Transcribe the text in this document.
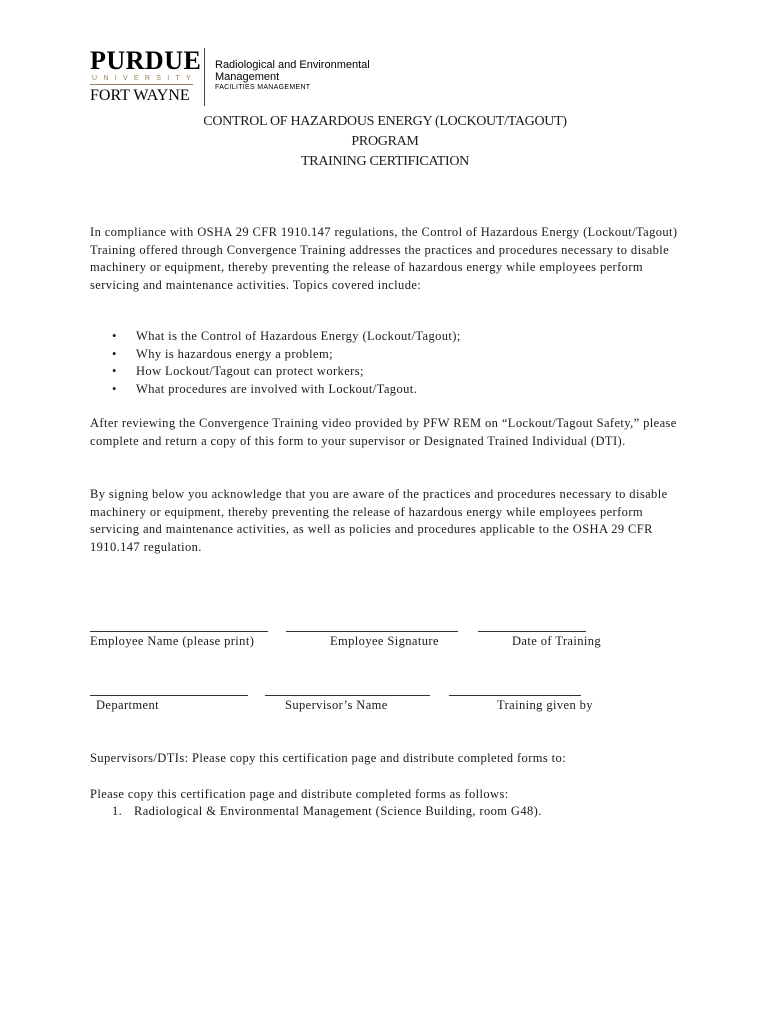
PURDUE
UNIVERSITY
FORT WAYNE
Radiological and Environmental Management
FACILITIES MANAGEMENT
CONTROL OF HAZARDOUS ENERGY (LOCKOUT/TAGOUT)
PROGRAM
TRAINING CERTIFICATION

In compliance with OSHA 29 CFR 1910.147 regulations, the Control of Hazardous Energy (Lockout/Tagout) Training offered through Convergence Training addresses the practices and procedures necessary to disable machinery or equipment, thereby preventing the release of hazardous energy while employees perform servicing and maintenance activities. Topics covered include:

• What is the Control of Hazardous Energy (Lockout/Tagout);
• Why is hazardous energy a problem;
• How Lockout/Tagout can protect workers;
• What procedures are involved with Lockout/Tagout.

After reviewing the Convergence Training video provided by PFW REM on “Lockout/Tagout Safety,” please complete and return a copy of this form to your supervisor or Designated Trained Individual (DTI).

By signing below you acknowledge that you are aware of the practices and procedures necessary to disable machinery or equipment, thereby preventing the release of hazardous energy while employees perform servicing and maintenance activities, as well as policies and procedures applicable to the OSHA 29 CFR 1910.147 regulation.

Employee Name (please print)	Employee Signature	Date of Training
Department	Supervisor’s Name	Training given by

Supervisors/DTIs: Please copy this certification page and distribute completed forms to:

Please copy this certification page and distribute completed forms as follows:

1. Radiological & Environmental Management (Science Building, room G48).
